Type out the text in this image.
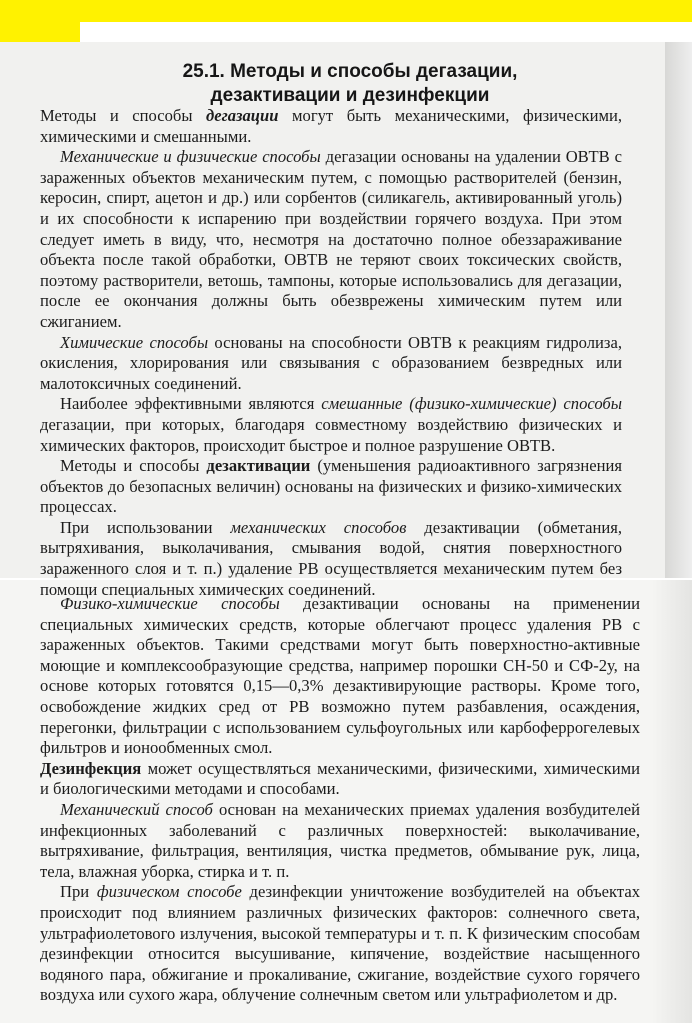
25.1. Методы и способы дегазации,
дезактивации и дезинфекции

Методы и способы дегазации могут быть механическими, физическими, химическими и смешанными.

Механические и физические способы дегазации основаны на удалении ОВТВ с зараженных объектов механическим путем, с помощью растворителей (бензин, керосин, спирт, ацетон и др.) или сорбентов (силикагель, активированный уголь) и их способности к испарению при воздействии горячего воздуха. При этом следует иметь в виду, что, несмотря на достаточно полное обеззараживание объекта после такой обработки, ОВТВ не теряют своих токсических свойств, поэтому растворители, ветошь, тампоны, которые использовались для дегазации, после ее окончания должны быть обезврежены химическим путем или сжиганием.

Химические способы основаны на способности ОВТВ к реакциям гидролиза, окисления, хлорирования или связывания с образованием безвредных или малотоксичных соединений.

Наиболее эффективными являются смешанные (физико-химические) способы дегазации, при которых, благодаря совместному воздействию физических и химических факторов, происходит быстрое и полное разрушение ОВТВ.

Методы и способы дезактивации (уменьшения радиоактивного загрязнения объектов до безопасных величин) основаны на физических и физико-химических процессах.

При использовании механических способов дезактивации (обметания, вытряхивания, выколачивания, смывания водой, снятия поверхностного зараженного слоя и т. п.) удаление РВ осуществляется механическим путем без помощи специальных химических соединений.

Физико-химические способы дезактивации основаны на применении специальных химических средств, которые облегчают процесс удаления РВ с зараженных объектов. Такими средствами могут быть поверхностно-активные моющие и комплексообразующие средства, например порошки СН-50 и СФ-2у, на основе которых готовятся 0,15—0,3% дезактивирующие растворы. Кроме того, освобождение жидких сред от РВ возможно путем разбавления, осаждения, перегонки, фильтрации с использованием сульфоугольных или карбоферрогелевых фильтров и ионообменных смол.

Дезинфекция может осуществляться механическими, физическими, химическими и биологическими методами и способами.

Механический способ основан на механических приемах удаления возбудителей инфекционных заболеваний с различных поверхностей: выколачивание, вытряхивание, фильтрация, вентиляция, чистка предметов, обмывание рук, лица, тела, влажная уборка, стирка и т. п.

При физическом способе дезинфекции уничтожение возбудителей на объектах происходит под влиянием различных физических факторов: солнечного света, ультрафиолетового излучения, высокой температуры и т. п. К физическим способам дезинфекции относится высушивание, кипячение, воздействие насыщенного водяного пара, обжигание и прокаливание, сжигание, воздействие сухого горячего воздуха или сухого жара, облучение солнечным светом или ультрафиолетом и др.
